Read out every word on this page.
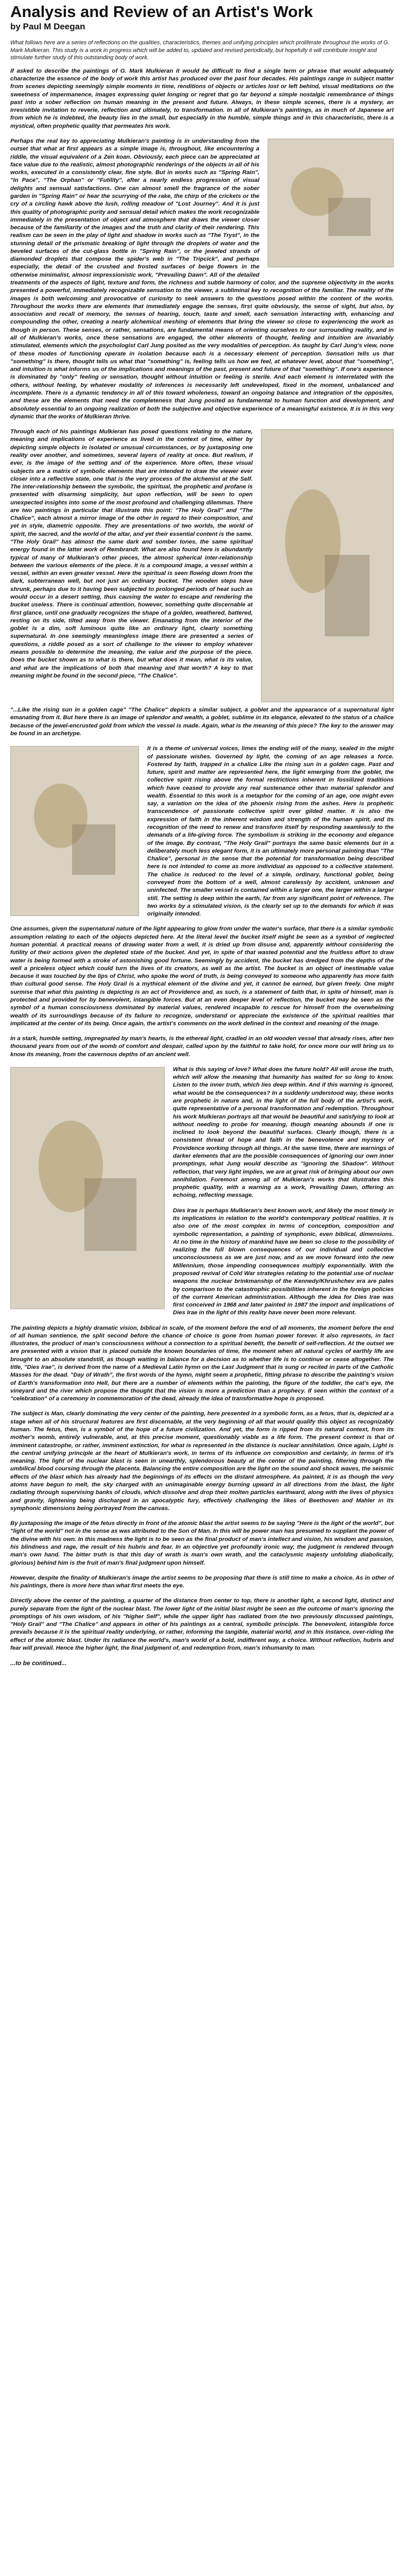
Analysis and Review of an Artist's Work
by Paul M Deegan

What follows here are a series of reflections on the qualities, characteristics, themes and unifying principles which proliferate throughout the works of G. Mark Mulkieran. This study is a work in progress which will be added to, updated and revised periodically, but hopefully it will contribute insight and stimulate further study of this outstanding body of work.

If asked to describe the paintings of G. Mark Mulkieran it would be difficult to find a single term or phrase that would adequately characterize the essence of the body of work this artist has produced over the past four decades. His paintings range in subject matter from scenes depicting seemingly simple moments in time, renditions of objects or articles lost or left behind, visual meditations on the sweetness of impermanence, images expressing quiet longing or regret that go far beyond a simple nostalgic remembrance of things past into a sober reflection on human meaning in the present and future. Always, in these simple scenes, there is a mystery, an irresistible invitation to reverie, reflection and ultimately, to transformation. In all of Mulkieran's paintings, as in much of Japanese art from which he is indebted, the beauty lies in the small, but especially in the humble, simple things and in this characteristic, there is a mystical, often prophetic quality that permeates his work.

Perhaps the real key to appreciating Mulkieran's painting is in understanding from the outset that what at first appears as a simple image is, throughout, like encountering a riddle, the visual equivalent of a Zen koan. Obviously, each piece can be appreciated at face value due to the realistic, almost photographic renderings of the objects in all of his works, executed in a consistently clear, fine style. But in works such as "Spring Rain", "In Pace", "The Orphan" or "Futility", after a nearly endless progression of visual delights and sensual satisfactions. One can almost smell the fragrance of the sober garden in "Spring Rain" or hear the scurrying of the rake, the chirp of the crickets or the cry of a circling hawk above the lush, rolling meadow of "Lost Journey". And it is just this quality of photographic purity and sensual detail which makes the work recognizable immediately in the presentation of object and atmosphere that draws the viewer closer because of the familiarity of the images and the truth and clarity of their rendering. This realism can be seen in the play of light and shadow in works such as "The Tryst", in the stunning detail of the prismatic breaking of light through the droplets of water and the beveled surfaces of the cut-glass bottle in "Spring Rain", or the jeweled strands of diamonded droplets that compose the spider's web in "The Tripcick", and perhaps especially, the detail of the crushed and frosted surfaces of beige flowers in the otherwise minimalist, almost impressionistic work, "Prevailing Dawn". All of the detailed treatments of the aspects of light, texture and form, the richness and subtle harmony of color, and the supreme objectivity in the works presented a powerful, immediately recognizable sensation to the viewer, a subliminal key to recognition of the familiar. The reality of the images is both welcoming and provocative of curiosity to seek answers to the questions posed within the content of the works. Throughout the works there are elements that immediately engage the senses, first quite obviously, the sense of sight, but also, by association and recall of memory, the senses of hearing, touch, taste and smell, each sensation interacting with, enhancing and compounding the other, creating a nearly alchemical meshing of elements that bring the viewer so close to experiencing the work as though in person. These senses, or rather, sensations, are fundamental means of orienting ourselves to our surrounding reality, and in all of Mulkieran's works, once these sensations are engaged, the other elements of thought, feeling and intuition are invariably stimulated, elements which the psychologist Carl Jung posited as the very modalities of perception. As taught by Carl Jung's view, none of these modes of functioning operate in isolation because each is a necessary element of perception. Sensation tells us that "something" is there, thought tells us what that "something" is, feeling tells us how we feel, at whatever level, about that "something", and intuition is what informs us of the implications and meanings of the past, present and future of that "something". If one's experience is dominated by "only" feeling or sensation, thought without intuition or feeling is sterile. And each element is interrelated with the others, without feeling, by whatever modality of inferences is necessarily left undeveloped, fixed in the moment, unbalanced and incomplete. There is a dynamic tendency in all of this toward wholeness, toward an ongoing balance and integration of the opposites, and these are the elements that need the completeness that Jung posited as fundamental to human function and development, and absolutely essential to an ongoing realization of both the subjective and objective experience of a meaningful existence. It is in this very dynamic that the works of Mulkieran thrive.

Through each of his paintings Mulkieran has posed questions relating to the nature, meaning and implications of experience as lived in the context of time, either by depicting simple objects in isolated or unusual circumstances, or by juxtaposing one reality over another, and sometimes, several layers of reality at once. But realism, if ever, is the image of the setting and of the experience. More often, these visual subjects are a matrix of symbolic elements that are intended to draw the viewer ever closer into a reflective state, one that is the very process of the alchemist at the Self. The inter-relationship between the symbolic, the spiritual, the prophetic and profane is presented with disarming simplicity, but upon reflection, will be seen to open unexpected insights into some of the most profound and challenging dilemmas. There are two paintings in particular that illustrate this point: "The Holy Grail" and "The Chalice", each almost a mirror image of the other in regard to their composition, and yet in style, diametric opposite. They are presentations of two worlds, the world of spirit, the sacred, and the world of the altar, and yet their essential content is the same. "The Holy Grail" has almost the same dark and somber tones, the same spiritual energy found in the latter work of Rembrandt. What are also found here is abundantly typical of many of Mulkieran's other pieces, the almost spherical inter-relationship between the various elements of the piece. It is a compound image, a vessel within a vessel, within an even greater vessel. Here the spiritual is seen flowing down from the dark, subterranean well, but not just an ordinary bucket. The wooden steps have shrunk, perhaps due to it having been subjected to prolonged periods of heat such as would occur in a desert setting, thus causing the water to escape and rendering the bucket useless. There is continual attention, however, something quite discernable at first glance, until one gradually recognizes the shape of a golden, weathered, battered, resting on its side, tilted away from the viewer. Emanating from the interior of the goblet is a dim, soft luminous quite like an ordinary light, clearly something supernatural. In one seemingly meaningless image there are presented a series of questions, a riddle posed as a sort of challenge to the viewer to employ whatever means possible to determine the meaning, the value and the purpose of the piece. Does the bucket shown as to what is there, but what does it mean, what is its value, and what are the implications of both that meaning and that worth? A key to that meaning might be found in the second piece, "The Chalice".

"...Like the rising sun in a golden cage" "The Chalice" depicts a similar subject, a goblet and the appearance of a supernatural light emanating from it. But here there is an image of splendor and wealth, a goblet, sublime in its elegance, elevated to the status of a chalice because of the jewel-encrusted gold from which the vessel is made. Again, what is the meaning of this piece? The key to the answer may be found in an archetype.

It is a theme of universal voices, limes the ending will of the many, sealed in the might of passionate wishes. Governed by light, the coming of an age releases a force. Fostered by faith, trapped in a chalice Like the rising sun in a golden cage. Past and future, spirit and matter are represented here, the light emerging from the goblet, the collective spirit rising above the formal restrictions inherent in fossilized traditions which have ceased to provide any real sustenance other than material splendor and wealth. Essential to this work is a metaphor for the coming of an age, one might even say, a variation on the idea of the phoenix rising from the ashes. Here is prophetic transcendence of passionate collective spirit over gilded matter. It is also the expression of faith in the inherent wisdom and strength of the human spirit, and its recognition of the need to renew and transform itself by responding seamlessly to the demands of a life-giving force. The symbolism is striking in the economy and elegance of the image. By contrast, "The Holy Grail" portrays the same basic elements but in a deliberately much less elegant form, it is an ultimately more personal painting than "The Chalice", personal in the sense that the potential for transformation being described here is not intended to come as more individual as opposed to a collective statement. The chalice is reduced to the level of a simple, ordinary, functional goblet, being conveyed from the bottom of a well, almost carelessly by accident, unknown and uninfected. The smaller vessel is contained within a larger one, the larger within a larger still. The setting is deep within the earth, far from any significant point of reference. The two works by a stimulated vision, is the clearly set up to the demands for which it was originally intended.

One assumes, given the supernatural nature of the light appearing to glow from under the water's surface, that there is a similar symbolic assumption relating to each of the objects depicted here. At the literal level the bucket itself might be seen as a symbol of neglected human potential. A practical means of drawing water from a well, it is dried up from disuse and, apparently without considering the futility of their actions given the depleted state of the bucket. And yet, in spite of that wasted potential and the fruitless effort to draw water is being formed with a stroke of astonishing good fortune. Seemingly by accident, the bucket has dredged from the depths of the well a priceless object which could turn the lives of its creators, as well as the artist. The bucket is an object of inestimable value because it was touched by the lips of Christ, who spoke the word of truth, is being conveyed to someone who apparently has more faith than cultural good sense. The Holy Grail is a mythical element of the divine and yet, it cannot be earned, but given freely. One might surmise that what this painting is depicting is an act of Providence and, as such, is a statement of faith that, in spite of himself, man is protected and provided for by benevolent, intangible forces. But at an even deeper level of reflection, the bucket may be seen as the symbol of a human consciousness dominated by material values, rendered incapable to rescue for himself from the overwhelming wealth of its surroundings because of its failure to recognize, understand or appreciate the existence of the spiritual realities that implicated at the center of its being. Once again, the artist's comments on the work defined in the context and meaning of the image.

In a stark, humble setting, impregnated by man's hearts, is the ethereal light, cradled in an old wooden vessel that already rises, after two thousand years from out of the womb of comfort and despair, called upon by the faithful to take hold, for once more our will bring us to know its meaning, from the cavernous depths of an ancient well.

What is this saying of love? What does the future hold? All will arose the truth, which will allow the meaning that humanity has waited for so long to know. Listen to the inner truth, which lies deep within. And if this warning is ignored, what would be the consequences? In a suddenly understood way, these works are prophetic in nature and, in the light of the full body of the artist's work, quite representative of a personal transformation and redemption. Throughout his work Mulkieran portrays all that would be beautiful and satisfying to look at without needing to probe for meaning, though meaning abounds if one is inclined to look beyond the beautiful surfaces. Clearly though, there is a consistent thread of hope and faith in the benevolence and mystery of Providence working through all things. At the same time, there are warnings of darker elements that are the possible consequences of ignoring our own inner promptings, what Jung would describe as "ignoring the Shadow". Without reflection, that very light implies, we are at great risk of bringing about our own annihilation. Foremost among all of Mulkieran's works that illustrates this prophetic quality, with a warning as a work, Prevailing Dawn, offering an echoing, reflecting message.

Dies Irae is perhaps Mulkieran's best known work, and likely the most timely in its implications in relation to the world's contemporary political realities. It is also one of the most complex in terms of conception, composition and symbolic representation, a painting of symphonic, even biblical, dimensions. At no time in the history of mankind have we been so close to the possibility of realizing the full blown consequences of our individual and collective unconsciousness as we are just now, and as we move forward into the new Millennium, those impending consequences multiply exponentially. With the proposed revival of Cold War strategies relating to the potential use of nuclear weapons the nuclear brinkmanship of the Kennedy/Khrushchev era are pales by comparison to the catastrophic possibilities inherent in the foreign policies of the current American administration. Although the idea for Dies Irae was first conceived in 1968 and later painted in 1987 the import and implications of Dies Irae in the light of this reality have never been more relevant.

The painting depicts a highly dramatic vision, biblical in scale, of the moment before the end of all moments, the moment before the end of all human sentience, the split second before the chance of choice is gone from human power forever. It also represents, in fact illustrates, the product of man's consciousness without a connection to a spiritual benefit, the benefit of self-reflection. At the outset we are presented with a vision that is placed outside the known boundaries of time, the moment when all natural cycles of earthly life are brought to an absolute standstill, as though waiting in balance for a decision as to whether life is to continue or cease altogether. The title, "Dies Irae", is derived from the name of a Medieval Latin hymn on the Last Judgment that is sung or recited in parts of the Catholic Masses for the dead. "Day of Wrath", the first words of the hymn, might seem a prophetic, fitting phrase to describe the painting's vision of Earth's transformation into Hell, but there are a number of elements within the painting, the figure of the toddler, the cat's eye, the vineyard and the river which propose the thought that the vision is more a prediction than a prophecy. If seen within the context of a "celebration" of a ceremony in commemoration of the dead, already the idea of transformative hope is proposed.

The subject is Man, clearly dominating the very center of the painting, here presented in a symbolic form, as a fetus, that is, depicted at a stage when all of his structural features are first discernable, at the very beginning of all that would qualify this object as recognizably human. The fetus, then, is a symbol of the hope of a future civilization. And yet, the form is ripped from its natural context, from its mother's womb, entirely vulnerable, and, at this precise moment, questionably viable as a life form. The present context is that of imminent catastrophe, or rather, imminent extinction, for what is represented in the distance is nuclear annihilation. Once again, Light is the central unifying principle at the heart of Mulkieran's work, in terms of its influence on composition and certainly, in terms of it's meaning. The light of the nuclear blast is seen in unearthly, splendorous beauty at the center of the painting, filtering through the umbilical blood coursing through the placenta. Balancing the entire composition are the light on the sound and shock waves, the seismic effects of the blast which has already had the beginnings of its effects on the distant atmosphere. As painted, it is as though the very atoms have begun to melt, the sky charged with an unimaginable energy burning upward in all directions from the blast, the light radiating through supervising banks of clouds, which dissolve and drop their molten particles earthward, along with the lives of physics and gravity, lightening being discharged in an apocalyptic fury, effectively challenging the likes of Beethoven and Mahler in its symphonic dimensions being portrayed from the canvas.

By juxtaposing the image of the fetus directly in front of the atomic blast the artist seems to be saying "Here is the light of the world", but "light of the world" not in the sense as was attributed to the Son of Man. In this will be power man has presumed to supplant the power of the divine with his own. In this madness the light is to be seen as the final product of man's intellect and vision, his wisdom and passion, his blindness and rage, the result of his hubris and fear. In an objective yet profoundly ironic way, the judgment is rendered through man's own hand. The bitter truth is that this day of wrath is man's own wrath, and the cataclysmic majesty unfolding diabolically, glorious) behind him is the fruit of man's final judgment upon himself.

However, despite the finality of Mulkieran's image the artist seems to be proposing that there is still time to make a choice. As in other of his paintings, there is more here than what first meets the eye.

Directly above the center of the painting, a quarter of the distance from center to top, there is another light, a second light, distinct and purely separate from the light of the nuclear blast. The lower light of the initial blast might be seen as the outcome of man's ignoring the promptings of his own wisdom, of his "higher Self", while the upper light has radiated from the two previously discussed paintings, "Holy Grail" and "The Chalice" and appears in other of his paintings as a central, symbolic principle. The benevolent, intangible force prevails because it is the spiritual reality underlying, or rather, informing the tangible, material world, and in this instance, over-riding the effect of the atomic blast. Under its radiance the world's, man's world of a bold, indifferent way, a choice. Without reflection, hubris and fear will prevail. Hence the higher light, the final judgment of, and redemption from, man's inhumanity to man.

...to be continued...
